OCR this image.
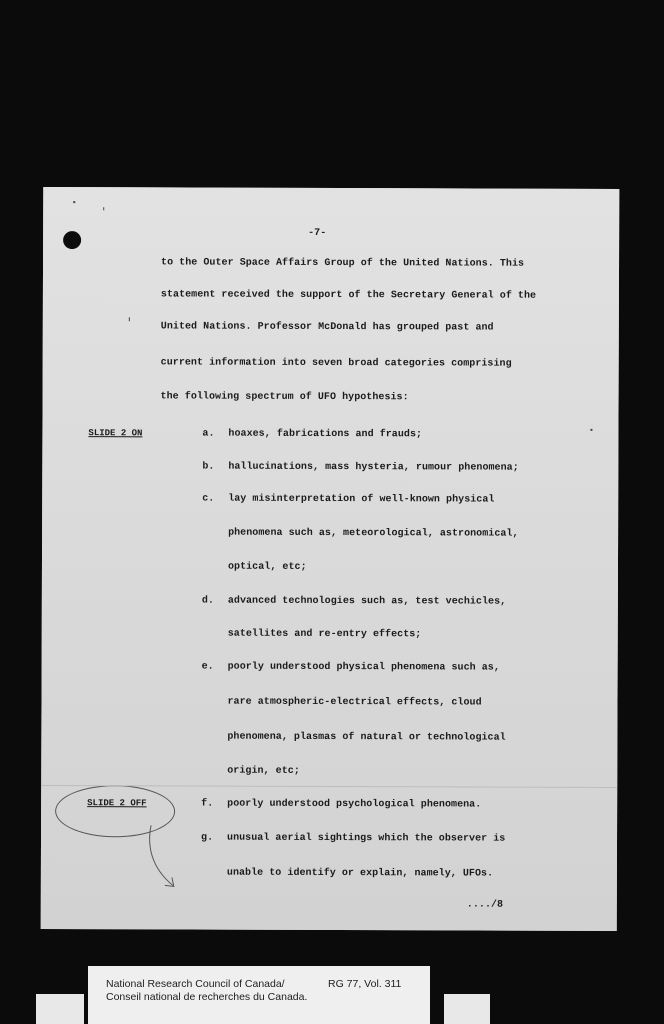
-7-
to the Outer Space Affairs Group of the United Nations. This
statement received the support of the Secretary General of the
United Nations. Professor McDonald has grouped past and
current information into seven broad categories comprising
the following spectrum of UFO hypothesis:
SLIDE 2 ON
SLIDE 2 OFF
a. hoaxes, fabrications and frauds;
b. hallucinations, mass hysteria, rumour phenomena;
c. lay misinterpretation of well-known physical
phenomena such as, meteorological, astronomical,
optical, etc;
d. advanced technologies such as, test vechicles,
satellites and re-entry effects;
e. poorly understood physical phenomena such as,
rare atmospheric-electrical effects, cloud
phenomena, plasmas of natural or technological
origin, etc;
f. poorly understood psychological phenomena.
g. unusual aerial sightings which the observer is
unable to identify or explain, namely, UFOs.
..../8
National Research Council of Canada/
Conseil national de recherches du Canada.
RG 77, Vol. 311
